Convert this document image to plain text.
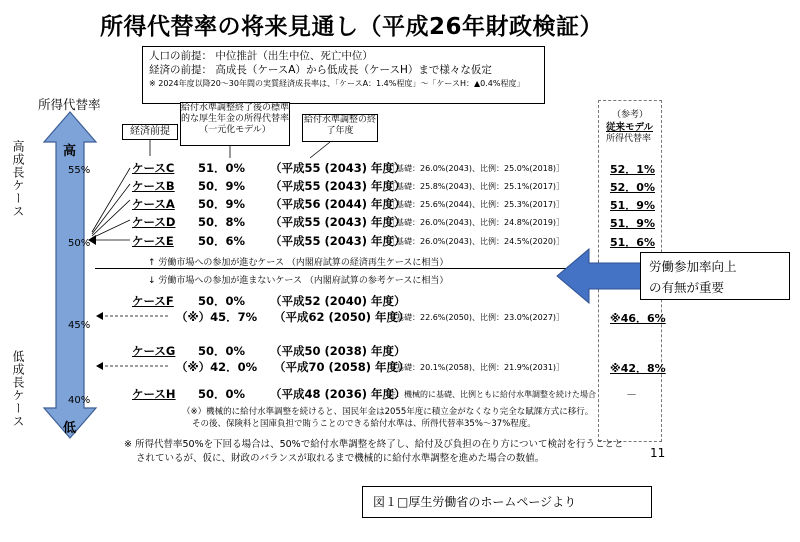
所得代替率の将来見通し（平成26年財政検証）
人口の前提： 中位推計（出生中位、死亡中位）
経済の前提： 高成長（ケースA）から低成長（ケースH）まで様々な仮定
※ 2024年度以降20～30年間の実質経済成長率は、「ケースA：1.4%程度」～「ケースH：▲0.4%程度」
所得代替率
高
低
高成長ケース
低成長ケース
55%
50%
45%
40%
経済前提
給付水準調整終了後の標準的な厚生年金の所得代替率（一元化モデル）
給付水準調整の終了年度
（参考）
従来モデル
所得代替率
ケースC 51．0% （平成55 (2043) 年度）
［基礎：26.0%(2043)、比例：25.0%(2018)］	52．1%
ケースB 50．9% （平成55 (2043) 年度）
［基礎：25.8%(2043)、比例：25.1%(2017)］	52．0%
ケースA 50．9% （平成56 (2044) 年度）
［基礎：25.6%(2044)、比例：25.3%(2017)］	51．9%
ケースD 50．8% （平成55 (2043) 年度）
［基礎：26.0%(2043)、比例：24.8%(2019)］	51．9%
ケースE 50．6% （平成55 (2043) 年度）
［基礎：26.0%(2043)、比例：24.5%(2020)］	51．6%
↑ 労働市場への参加が進むケース （内閣府試算の経済再生ケースに相当）
↓ 労働市場への参加が進まないケース （内閣府試算の参考ケースに相当）
ケースF 50．0% （平成52 (2040) 年度）
（※）45．7% （平成62 (2050) 年度）
［基礎：22.6%(2050)、比例：23.0%(2027)］	※46．6%
ケースG 50．0% （平成50 (2038) 年度）
（※）42．0% （平成70 (2058) 年度）
［基礎：20.1%(2058)、比例：21.9%(2031)］	※42．8%
ケースH 50．0% （平成48 (2036) 年度）
注：機械的に基礎、比例ともに給付水準調整を続けた場合	－
（※）機械的に給付水準調整を続けると、国民年金は2055年度に積立金がなくなり完全な賦課方式に移行。
その後、保険料と国庫負担で賄うことのできる給付水準は、所得代替率35%～37%程度。
※ 所得代替率50%を下回る場合は、50%で給付水準調整を終了し、給付及び負担の在り方について検討を行うことと
されているが、仮に、財政のバランスが取れるまで機械的に給付水準調整を進めた場合の数値。	11
労働参加率向上
の有無が重要
図１□厚生労働省のホームページより
